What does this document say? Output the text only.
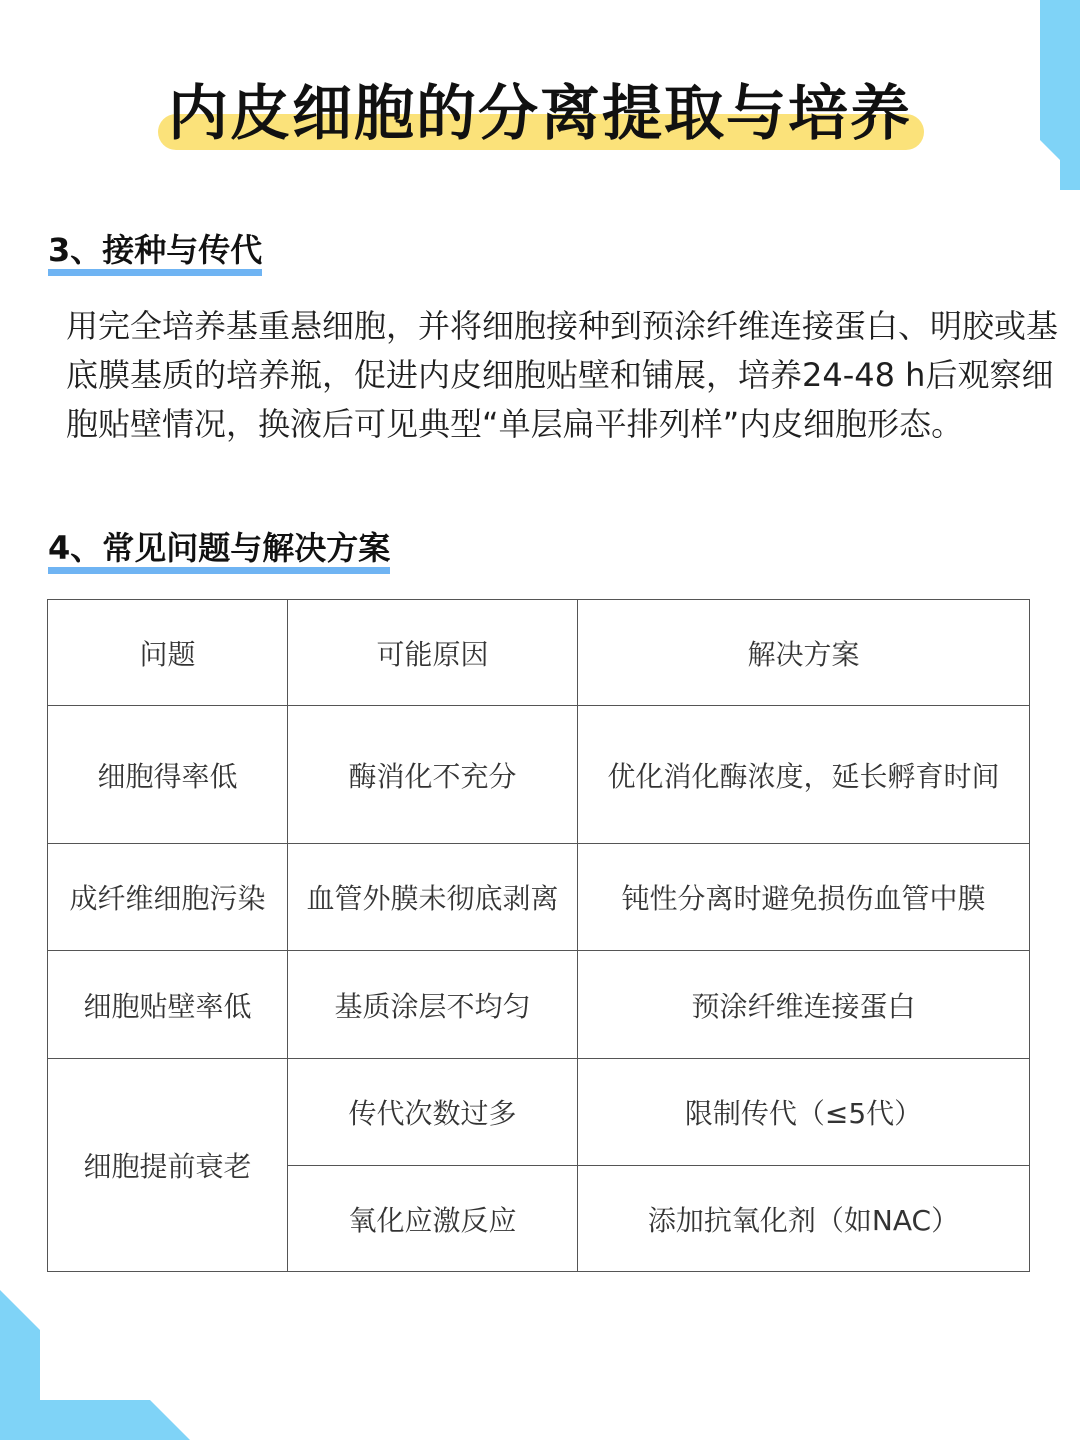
内皮细胞的分离提取与培养
3、接种与传代
用完全培养基重悬细胞，并将细胞接种到预涂纤维连接蛋白、明胶或基底膜基质的培养瓶，促进内皮细胞贴壁和铺展，培养24-48 h后观察细胞贴壁情况，换液后可见典型“单层扁平排列样”内皮细胞形态。
4、常见问题与解决方案
问题	可能原因	解决方案
细胞得率低	酶消化不充分	优化消化酶浓度，延长孵育时间
成纤维细胞污染	血管外膜未彻底剥离	钝性分离时避免损伤血管中膜
细胞贴壁率低	基质涂层不均匀	预涂纤维连接蛋白
细胞提前衰老	传代次数过多	限制传代（≤5代）
	氧化应激反应	添加抗氧化剂（如NAC）
